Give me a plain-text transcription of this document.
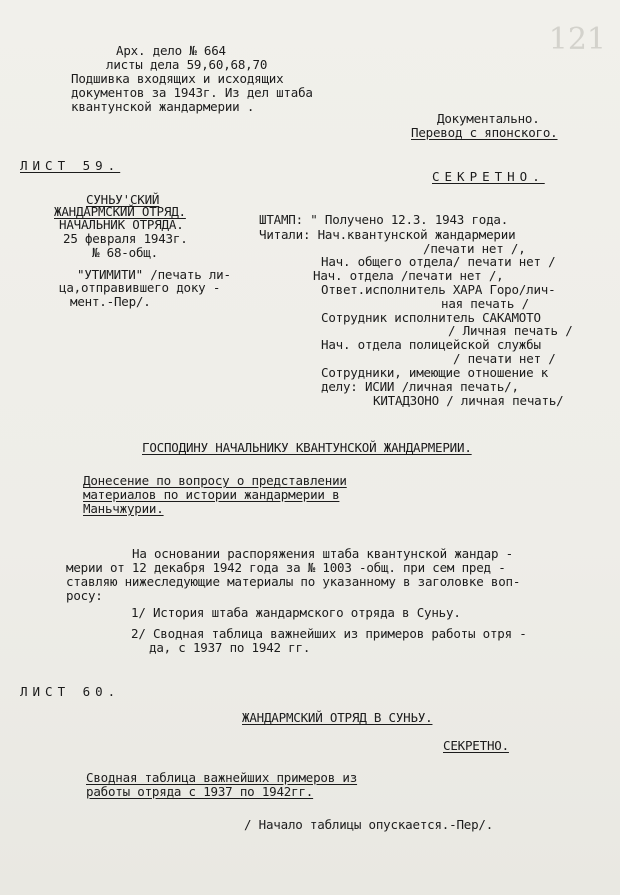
121

Арх. дело № 664
листы дела 59,60,68,70
Подшивка входящих и исходящих
документов за 1943г. Из дел штаба
квантунской жандармерии .
Документально.
Перевод с японского.
ЛИСТ 59.
СЕКРЕТНО.
СУНЬУ'СКИЙ
ЖАНДАРМСКИЙ ОТРЯД.
НАЧАЛЬНИК ОТРЯДА.
25 февраля 1943г.
№ 68-общ.
"УТИМИТИ" /печать ли-
ца,отправившего доку -
мент.-Пер/.
ШТАМП: " Получено 12.3. 1943 года.
Читали: Нач.квантунской жандармерии
/печати нет /,
Нач. общего отдела/ печати нет /
Нач. отдела /печати нет /,
Ответ.исполнитель ХАРА Горо/лич-
ная печать /
Сотрудник исполнитель САКАМОТО
/ Личная печать /
Нач. отдела полицейской службы
/ печати нет /
Сотрудники, имеющие отношение к
делу: ИСИИ /личная печать/,
КИТАДЗОНО / личная печать/
ГОСПОДИНУ НАЧАЛЬНИКУ КВАНТУНСКОЙ ЖАНДАРМЕРИИ.
Донесение по вопросу о представлении
материалов по истории жандармерии в
Маньчжурии.
На основании распоряжения штаба квантунской жандар -
мерии от 12 декабря 1942 года за № 1003 -общ. при сем пред -
ставляю нижеследующие материалы по указанному в заголовке воп-
росу:
1/ История штаба жандармского отряда в Суньу.
2/ Сводная таблица важнейших из примеров работы отря -
да, с 1937 по 1942 гг.
ЛИСТ 60.
ЖАНДАРМСКИЙ ОТРЯД В СУНЬУ.
СЕКРЕТНО.
Сводная таблица важнейших примеров из
работы отряда с 1937 по 1942гг.
/ Начало таблицы опускается.-Пер/.
